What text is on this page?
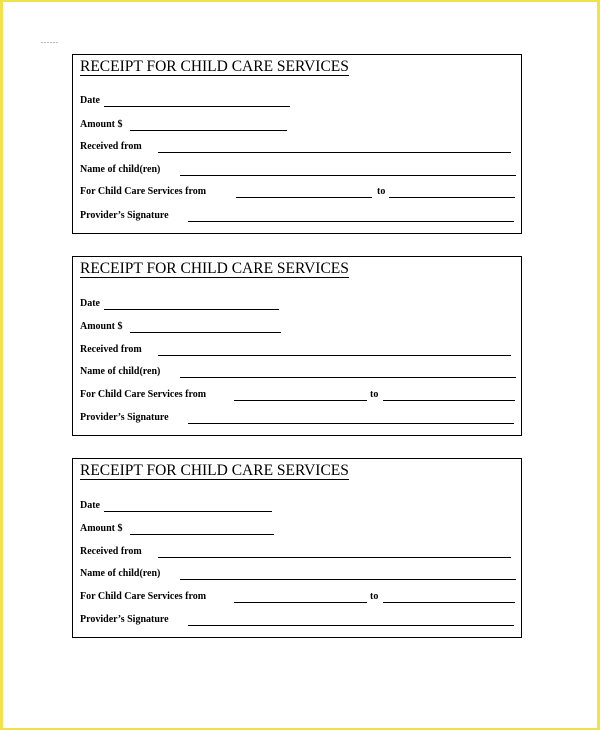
......
RECEIPT FOR CHILD CARE SERVICES
Date
Amount $
Received from
Name of child(ren)
For Child Care Services from	to
Provider’s Signature
RECEIPT FOR CHILD CARE SERVICES
Date
Amount $
Received from
Name of child(ren)
For Child Care Services from	to
Provider’s Signature
RECEIPT FOR CHILD CARE SERVICES
Date
Amount $
Received from
Name of child(ren)
For Child Care Services from	to
Provider’s Signature
